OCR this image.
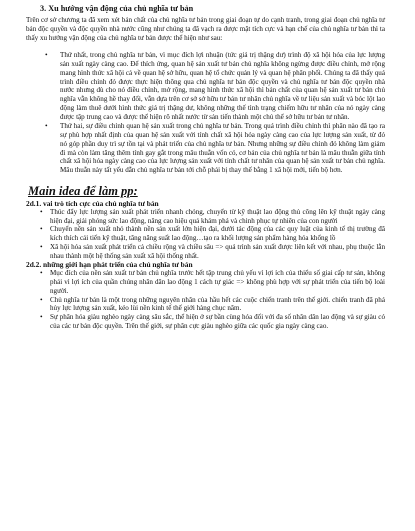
3. Xu hướng vận động của chủ nghĩa tư bản

Trên cơ sở chương ta đã xem xét bản chất của chủ nghĩa tư bản trong giai đoạn tự do cạnh tranh, trong giai đoạn chủ nghĩa tư bản độc quyền và độc quyền nhà nước cũng như chúng ta đã vạch ra được mặt tích cực và hạn chế của chủ nghĩa tư bản thì ta thấy xu hướng vận động của chủ nghĩa tư bản được thể hiện như sau:

• Thứ nhất, trong chủ nghĩa tư bản, vì mục đích lợi nhuận (tức giá trị thặng dư) trình độ xã hội hóa của lực lượng sản xuất ngày càng cao. Để thích ứng, quan hệ sản xuất tư bản chủ nghĩa không ngừng được điều chỉnh, mở rộng mang hình thức xã hội cả về quan hệ sở hữu, quan hệ tổ chức quản lý và quan hệ phân phối. Chúng ta đã thấy quá trình điều chỉnh đó được thực hiện thông qua chủ nghĩa tư bản độc quyền và chủ nghĩa tư bản độc quyền nhà nước nhưng dù cho nó điều chỉnh, mở rộng, mang hình thức xã hội thì bản chất của quan hệ sản xuất tư bản chủ nghĩa vẫn không hề thay đổi, vẫn dựa trên cơ sở sở hữu tư bản tư nhân chủ nghĩa về tư liệu sản xuất và bóc lột lao động làm thuê dưới hình thức giá trị thặng dư, không những thế tình trạng chiếm hữu tư nhân của nó ngày càng được tập trung cao và được thể hiện rõ nhất nước từ sản tiến thành một chủ thể sở hữu tư bản tư nhân.
• Thứ hai, sự điều chỉnh quan hệ sản xuất trong chủ nghĩa tư bản. Trong quá trình điều chỉnh thì phân nào đã tạo ra sự phù hợp nhất định của quan hệ sản xuất với tính chất xã hội hóa ngày càng cao của lực lượng sản xuất, từ đó nó góp phần duy trì sự tồn tại và phát triển của chủ nghĩa tư bản. Nhưng những sự điều chỉnh đó không làm giảm đi mà còn làm tăng thêm tính gay gắt trong mâu thuẫn vốn có, cơ bản của chủ nghĩa tư bản là mâu thuẫn giữa tính chất xã hội hóa ngày càng cao của lực lượng sản xuất với tính chất tư nhân của quan hệ sản xuất tư bản chủ nghĩa. Mâu thuẫn này tất yếu dẫn chủ nghĩa tư bản tới chỗ phải bị thay thế bằng 1 xã hội mới, tiến bộ hơn.
Main idea để làm pp:
2d.1. vai trò tích cực của chủ nghĩa tư bản
• Thúc đẩy lực lượng sản xuất phát triển nhanh chóng, chuyển từ kỹ thuật lao động thủ công lên kỹ thuật ngày càng hiện đại, giải phóng sức lao động, nâng cao hiệu quả khám phá và chinh phục tự nhiên của con người
• Chuyển nền sản xuất nhỏ thành nền sản xuất lớn hiện đại, dưới tác động của các quy luật của kinh tế thị trường đã kích thích cải tiến kỹ thuật, tăng năng suất lao động…tạo ra khối lượng sản phẩm hàng hóa khổng lồ
• Xã hội hóa sản xuất phát triển cả chiều rộng và chiều sâu => quá trình sản xuất được liên kết với nhau, phụ thuộc lẫn nhau thành một hệ thống sản xuất xã hội thống nhất.
2d.2. những giới hạn phát triển của chủ nghĩa tư bản
• Mục đích của nền sản xuất tư bản chủ nghĩa trước hết tập trung chủ yếu vì lợi ích của thiểu số giai cấp tư sản, không phải vì lợi ích của quần chúng nhân dân lao động 1 cách tự giác => không phù hợp với sự phát triển của tiến bộ loài người.
• Chủ nghĩa tư bản là một trong những nguyên nhân của hầu hết các cuộc chiến tranh trên thế giới. chiến tranh đã phá hủy lực lượng sản xuất, kéo lùi nền kinh tế thế giới hàng chục năm.
• Sự phân hóa giàu nghèo ngày càng sâu sắc, thể hiện ở sự bần cùng hóa đối với đa số nhân dân lao động và sự giàu có của các tư bản độc quyền. Trên thế giới, sự phân cực giàu nghèo giữa các quốc gia ngày càng cao.
